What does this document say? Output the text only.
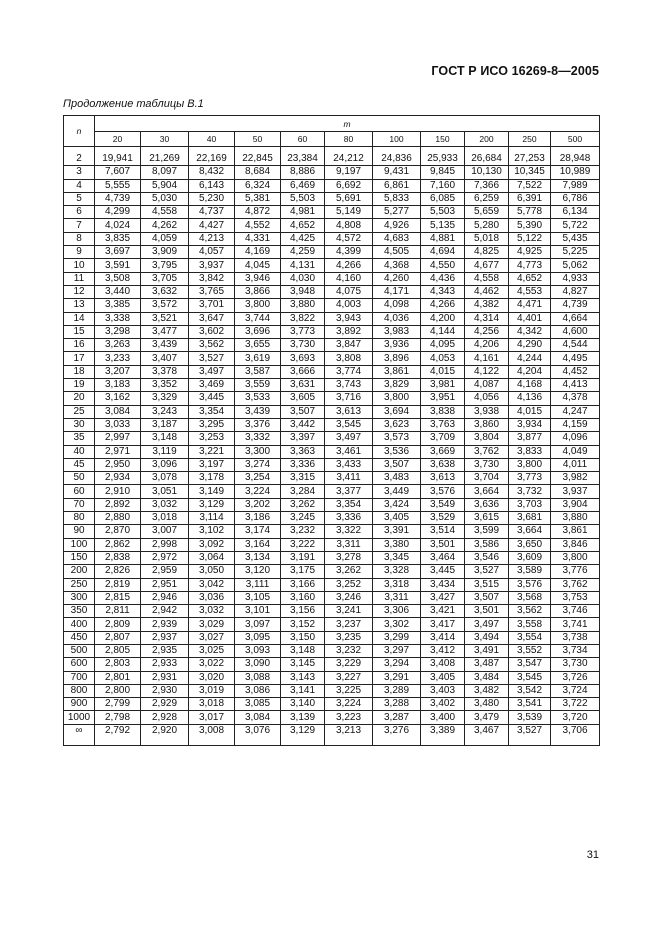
ГОСТ Р ИСО 16269-8—2005
Продолжение таблицы В.1
n	m										
	20	30	40	50	60	80	100	150	200	250	500
2	19,941	21,269	22,169	22,845	23,384	24,212	24,836	25,933	26,684	27,253	28,948
3	7,607	8,097	8,432	8,684	8,886	9,197	9,431	9,845	10,130	10,345	10,989
4	5,555	5,904	6,143	6,324	6,469	6,692	6,861	7,160	7,366	7,522	7,989
5	4,739	5,030	5,230	5,381	5,503	5,691	5,833	6,085	6,259	6,391	6,786
6	4,299	4,558	4,737	4,872	4,981	5,149	5,277	5,503	5,659	5,778	6,134
7	4,024	4,262	4,427	4,552	4,652	4,808	4,926	5,135	5,280	5,390	5,722
8	3,835	4,059	4,213	4,331	4,425	4,572	4,683	4,881	5,018	5,122	5,435
9	3,697	3,909	4,057	4,169	4,259	4,399	4,505	4,694	4,825	4,925	5,225
10	3,591	3,795	3,937	4,045	4,131	4,266	4,368	4,550	4,677	4,773	5,062
11	3,508	3,705	3,842	3,946	4,030	4,160	4,260	4,436	4,558	4,652	4,933
12	3,440	3,632	3,765	3,866	3,948	4,075	4,171	4,343	4,462	4,553	4,827
13	3,385	3,572	3,701	3,800	3,880	4,003	4,098	4,266	4,382	4,471	4,739
14	3,338	3,521	3,647	3,744	3,822	3,943	4,036	4,200	4,314	4,401	4,664
15	3,298	3,477	3,602	3,696	3,773	3,892	3,983	4,144	4,256	4,342	4,600
16	3,263	3,439	3,562	3,655	3,730	3,847	3,936	4,095	4,206	4,290	4,544
17	3,233	3,407	3,527	3,619	3,693	3,808	3,896	4,053	4,161	4,244	4,495
18	3,207	3,378	3,497	3,587	3,666	3,774	3,861	4,015	4,122	4,204	4,452
19	3,183	3,352	3,469	3,559	3,631	3,743	3,829	3,981	4,087	4,168	4,413
20	3,162	3,329	3,445	3,533	3,605	3,716	3,800	3,951	4,056	4,136	4,378
25	3,084	3,243	3,354	3,439	3,507	3,613	3,694	3,838	3,938	4,015	4,247
30	3,033	3,187	3,295	3,376	3,442	3,545	3,623	3,763	3,860	3,934	4,159
35	2,997	3,148	3,253	3,332	3,397	3,497	3,573	3,709	3,804	3,877	4,096
40	2,971	3,119	3,221	3,300	3,363	3,461	3,536	3,669	3,762	3,833	4,049
45	2,950	3,096	3,197	3,274	3,336	3,433	3,507	3,638	3,730	3,800	4,011
50	2,934	3,078	3,178	3,254	3,315	3,411	3,483	3,613	3,704	3,773	3,982
60	2,910	3,051	3,149	3,224	3,284	3,377	3,449	3,576	3,664	3,732	3,937
70	2,892	3,032	3,129	3,202	3,262	3,354	3,424	3,549	3,636	3,703	3,904
80	2,880	3,018	3,114	3,186	3,245	3,336	3,405	3,529	3,615	3,681	3,880
90	2,870	3,007	3,102	3,174	3,232	3,322	3,391	3,514	3,599	3,664	3,861
100	2,862	2,998	3,092	3,164	3,222	3,311	3,380	3,501	3,586	3,650	3,846
150	2,838	2,972	3,064	3,134	3,191	3,278	3,345	3,464	3,546	3,609	3,800
200	2,826	2,959	3,050	3,120	3,175	3,262	3,328	3,445	3,527	3,589	3,776
250	2,819	2,951	3,042	3,111	3,166	3,252	3,318	3,434	3,515	3,576	3,762
300	2,815	2,946	3,036	3,105	3,160	3,246	3,311	3,427	3,507	3,568	3,753
350	2,811	2,942	3,032	3,101	3,156	3,241	3,306	3,421	3,501	3,562	3,746
400	2,809	2,939	3,029	3,097	3,152	3,237	3,302	3,417	3,497	3,558	3,741
450	2,807	2,937	3,027	3,095	3,150	3,235	3,299	3,414	3,494	3,554	3,738
500	2,805	2,935	3,025	3,093	3,148	3,232	3,297	3,412	3,491	3,552	3,734
600	2,803	2,933	3,022	3,090	3,145	3,229	3,294	3,408	3,487	3,547	3,730
700	2,801	2,931	3,020	3,088	3,143	3,227	3,291	3,405	3,484	3,545	3,726
800	2,800	2,930	3,019	3,086	3,141	3,225	3,289	3,403	3,482	3,542	3,724
900	2,799	2,929	3,018	3,085	3,140	3,224	3,288	3,402	3,480	3,541	3,722
1000	2,798	2,928	3,017	3,084	3,139	3,223	3,287	3,400	3,479	3,539	3,720
∞	2,792	2,920	3,008	3,076	3,129	3,213	3,276	3,389	3,467	3,527	3,706
31
